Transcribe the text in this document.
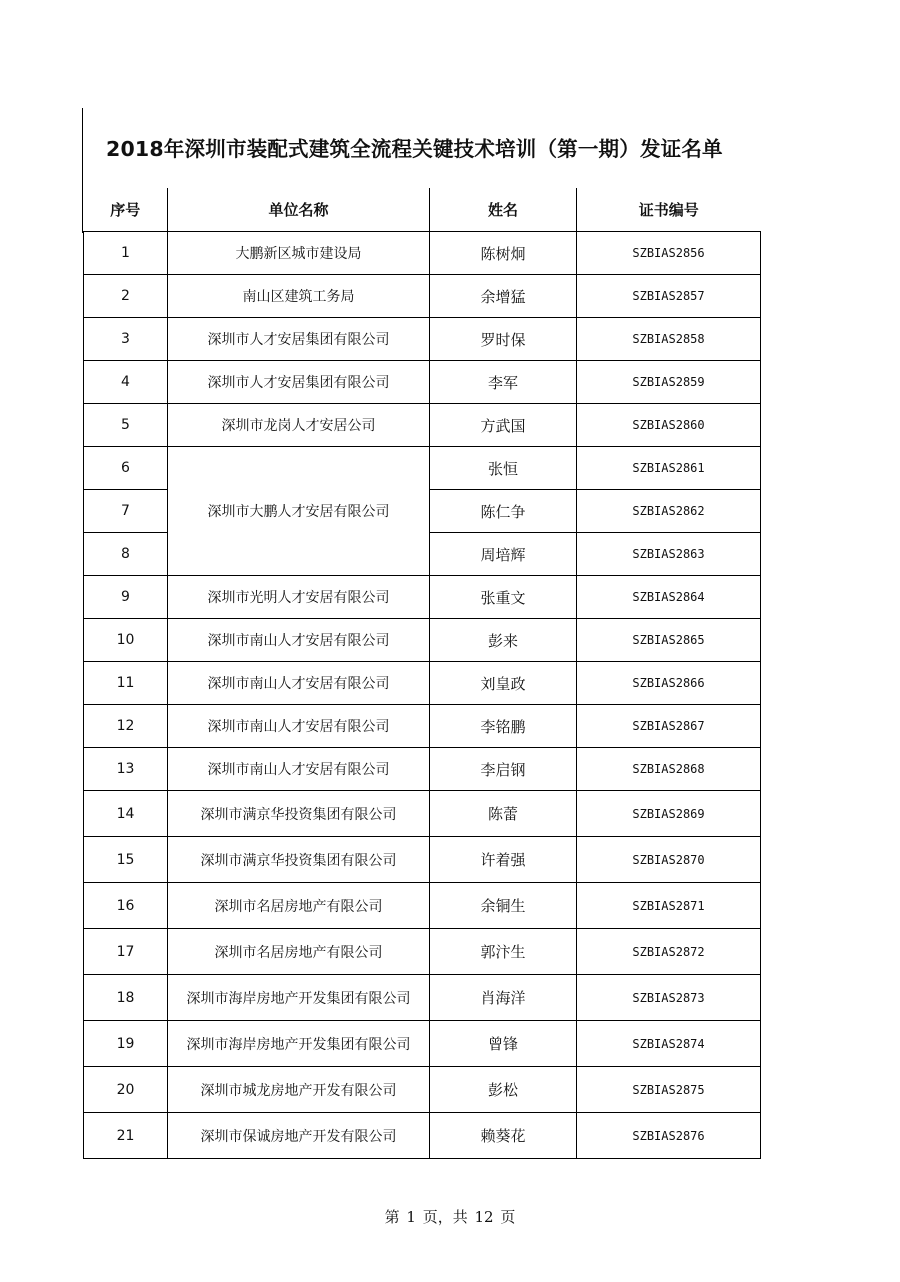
2018年深圳市装配式建筑全流程关键技术培训（第一期）发证名单
序号	单位名称	姓名	证书编号
1	大鹏新区城市建设局	陈树炯	SZBIAS2856
2	南山区建筑工务局	余增猛	SZBIAS2857
3	深圳市人才安居集团有限公司	罗时保	SZBIAS2858
4	深圳市人才安居集团有限公司	李军	SZBIAS2859
5	深圳市龙岗人才安居公司	方武国	SZBIAS2860
6	深圳市大鹏人才安居有限公司	张恒	SZBIAS2861
7		陈仁争	SZBIAS2862
8		周培辉	SZBIAS2863
9	深圳市光明人才安居有限公司	张重文	SZBIAS2864
10	深圳市南山人才安居有限公司	彭来	SZBIAS2865
11	深圳市南山人才安居有限公司	刘皇政	SZBIAS2866
12	深圳市南山人才安居有限公司	李铭鹏	SZBIAS2867
13	深圳市南山人才安居有限公司	李启钢	SZBIAS2868
14	深圳市满京华投资集团有限公司	陈蕾	SZBIAS2869
15	深圳市满京华投资集团有限公司	许着强	SZBIAS2870
16	深圳市名居房地产有限公司	余铜生	SZBIAS2871
17	深圳市名居房地产有限公司	郭汴生	SZBIAS2872
18	深圳市海岸房地产开发集团有限公司	肖海洋	SZBIAS2873
19	深圳市海岸房地产开发集团有限公司	曾锋	SZBIAS2874
20	深圳市城龙房地产开发有限公司	彭松	SZBIAS2875
21	深圳市保诚房地产开发有限公司	赖葵花	SZBIAS2876
第 1 页，共 12 页
